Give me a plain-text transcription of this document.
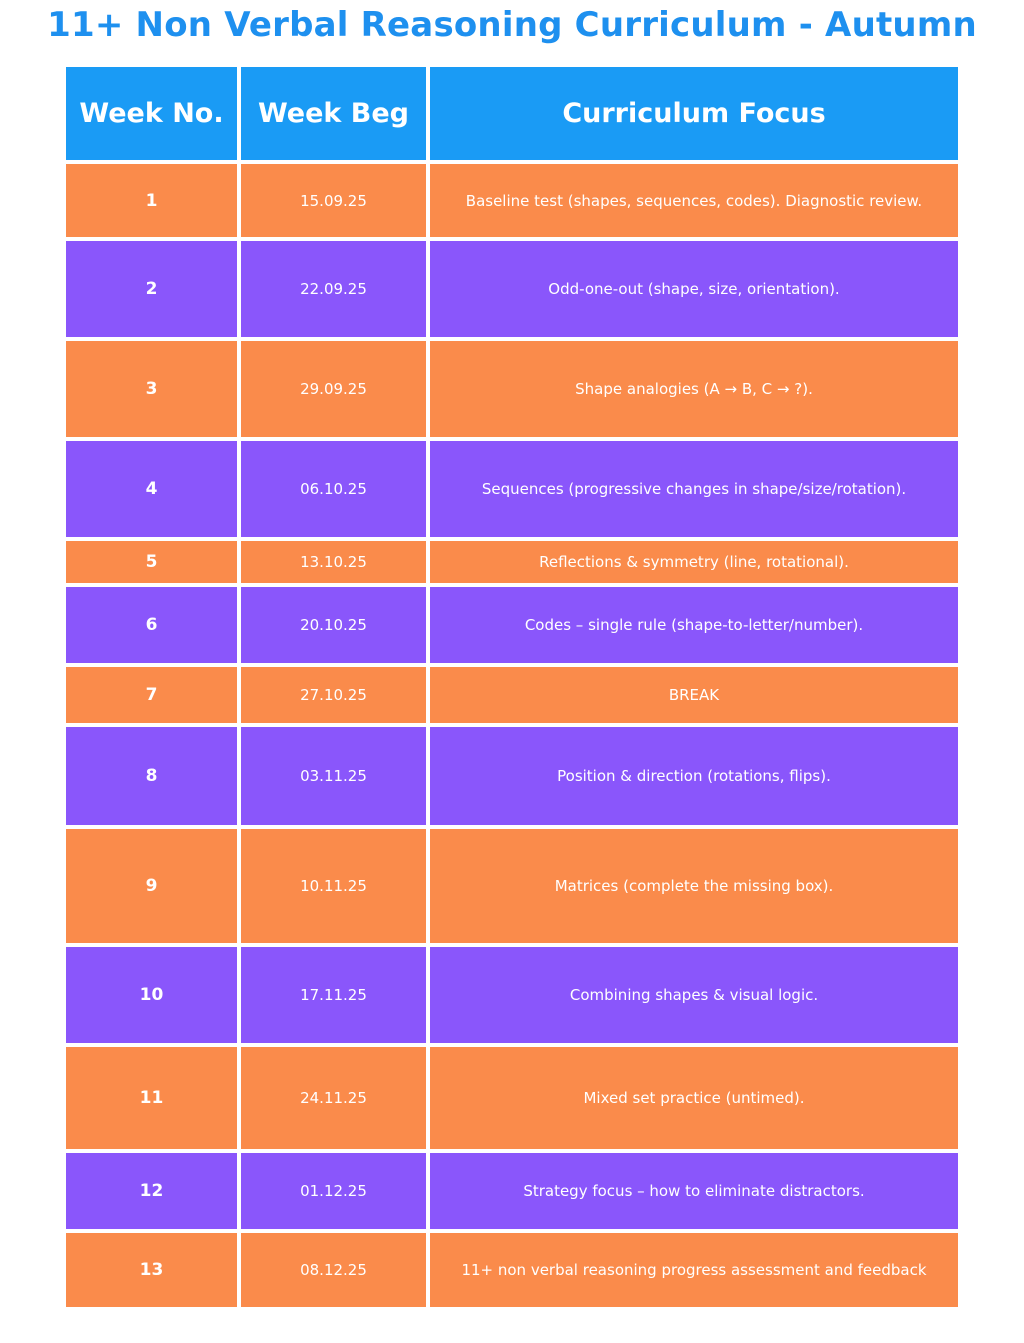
11+ Non Verbal Reasoning Curriculum - Autumn
Week No.	Week Beg	Curriculum Focus
1	15.09.25	Baseline test (shapes, sequences, codes). Diagnostic review.
2	22.09.25	Odd-one-out (shape, size, orientation).
3	29.09.25	Shape analogies (A → B, C → ?).
4	06.10.25	Sequences (progressive changes in shape/size/rotation).
5	13.10.25	Reflections & symmetry (line, rotational).
6	20.10.25	Codes – single rule (shape-to-letter/number).
7	27.10.25	BREAK
8	03.11.25	Position & direction (rotations, flips).
9	10.11.25	Matrices (complete the missing box).
10	17.11.25	Combining shapes & visual logic.
11	24.11.25	Mixed set practice (untimed).
12	01.12.25	Strategy focus – how to eliminate distractors.
13	08.12.25	11+ non verbal reasoning progress assessment and feedback
